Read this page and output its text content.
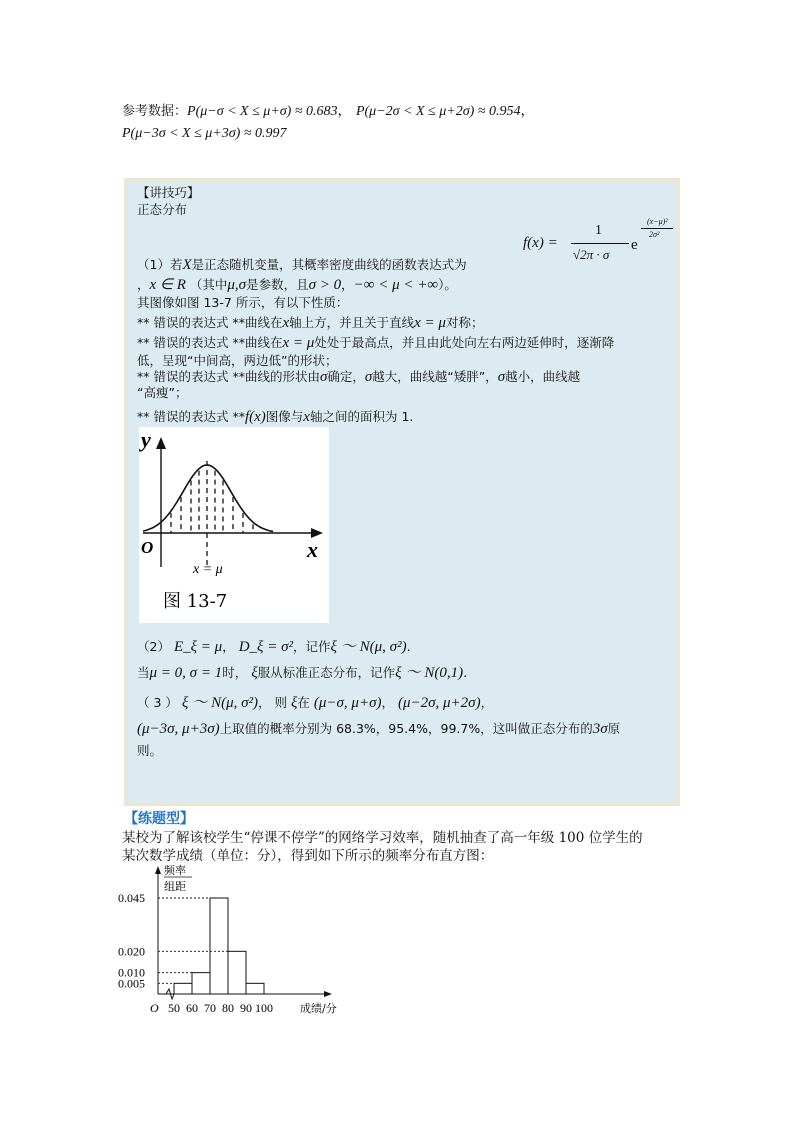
参考数据：P(μ−σ < X ≤ μ+σ) ≈ 0.683， P(μ−2σ < X ≤ μ+2σ) ≈ 0.954，
P(μ−3σ < X ≤ μ+3σ) ≈ 0.997
【讲技巧】
正态分布
f(x) =
1
√2π · σ
e
(x−μ)²
2σ²
（1）若X是正态随机变量，其概率密度曲线的函数表达式为
，x ∈ R （其中μ,σ是参数，且σ > 0，−∞ < μ < +∞）。
其图像如图 13-7 所示，有以下性质：
** 错误的表达式 **曲线在x轴上方，并且关于直线x = μ对称；
** 错误的表达式 **曲线在x = μ处处于最高点，并且由此处向左右两边延伸时，逐渐降
低，呈现“中间高，两边低”的形状；
** 错误的表达式 **曲线的形状由σ确定，σ越大，曲线越“矮胖”，σ越小，曲线越
“高瘦”；
** 错误的表达式 **f(x)图像与x轴之间的面积为 1.
y
O	x
x = μ
图 13-7
（2） E_ξ = μ， D_ξ = σ²，记作ξ ～ N(μ, σ²).
当μ = 0, σ = 1时， ξ服从标准正态分布，记作ξ ～ N(0,1).
（ 3 ） ξ ～ N(μ, σ²)， 则 ξ在 (μ−σ, μ+σ)， (μ−2σ, μ+2σ)，
(μ−3σ, μ+3σ)上取值的概率分别为 68.3%，95.4%，99.7%，这叫做正态分布的3σ原
则。
【练题型】
某校为了解该校学生“停课不停学”的网络学习效率，随机抽查了高一年级 100 位学生的
某次数学成绩（单位：分），得到如下所示的频率分布直方图：
0.045
0.020
0.010
0.005
50 60 70 80 90 100
频率
组距
O	成绩/分
